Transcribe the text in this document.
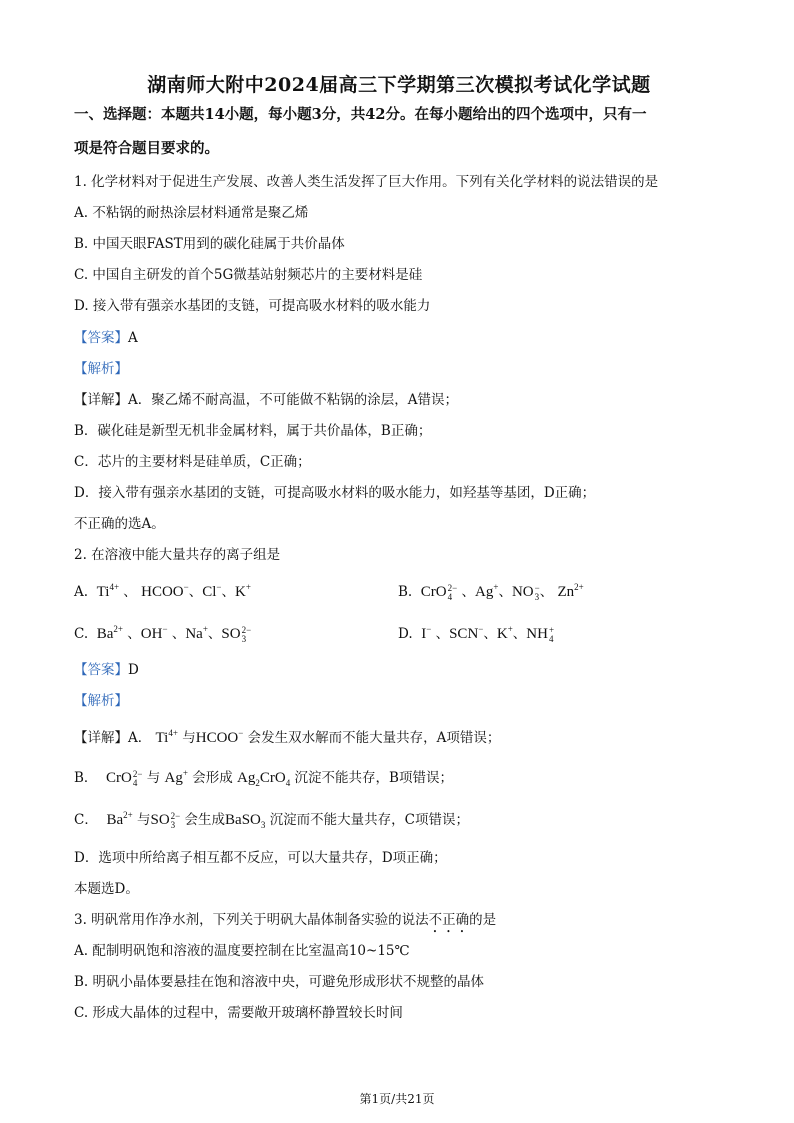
湖南师大附中2024届高三下学期第三次模拟考试化学试题
一、选择题：本题共14小题，每小题3分，共42分。在每小题给出的四个选项中，只有一
项是符合题目要求的。
1. 化学材料对于促进生产发展、改善人类生活发挥了巨大作用。下列有关化学材料的说法错误的是
A. 不粘锅的耐热涂层材料通常是聚乙烯
B. 中国天眼FAST用到的碳化硅属于共价晶体
C. 中国自主研发的首个5G微基站射频芯片的主要材料是硅
D. 接入带有强亲水基团的支链，可提高吸水材料的吸水能力
【答案】A
【解析】
【详解】A．聚乙烯不耐高温，不可能做不粘锅的涂层，A错误；
B．碳化硅是新型无机非金属材料，属于共价晶体，B正确；
C．芯片的主要材料是硅单质，C正确；
D．接入带有强亲水基团的支链，可提高吸水材料的吸水能力，如羟基等基团，D正确；
不正确的选A。
2. 在溶液中能大量共存的离子组是
A.  $Ti^{4+}$ 、 HCOO−、Cl−、K+	B.  CrO 2−
4 、Ag+、NO −
3 、 $Zn^{2+}$
C.  $Ba^{2+}$ 、OH− 、Na+、SO 2−
3	D.  I− 、SCN−、K+、NH +
4
【答案】D
【解析】
【详解】A． $Ti^{4+}$ 与HCOO− 会发生双水解而不能大量共存，A项错误；
B． CrO 2−
4 与 Ag+ 会形成 $Ag_2CrO_4$ 沉淀不能共存，B项错误；
C． $Ba^{2+}$ 与SO 2−
3 会生成BaSO$_3$ 沉淀而不能大量共存，C项错误；
D．选项中所给离子相互都不反应，可以大量共存，D项正确；
本题选D。
3. 明矾常用作净水剂，下列关于明矾大晶体制备实验的说法不正确的是
A. 配制明矾饱和溶液的温度要控制在比室温高10~15℃
B. 明矾小晶体要悬挂在饱和溶液中央，可避免形成形状不规整的晶体
C. 形成大晶体的过程中，需要敞开玻璃杯静置较长时间
第1页/共21页
